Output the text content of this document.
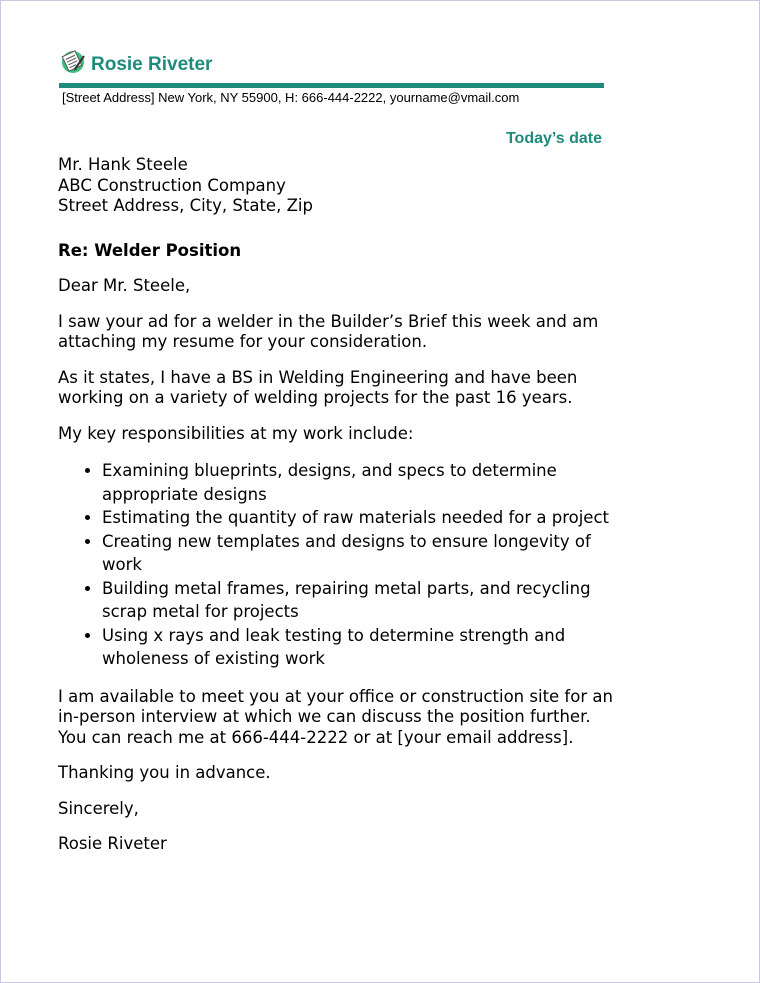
Rosie Riveter
[Street Address] New York, NY 55900, H: 666-444-2222, yourname@vmail.com
Today’s date
Mr. Hank Steele
ABC Construction Company
Street Address, City, State, Zip
Re: Welder Position
Dear Mr. Steele,
I saw your ad for a welder in the Builder’s Brief this week and am attaching my resume for your consideration.
As it states, I have a BS in Welding Engineering and have been working on a variety of welding projects for the past 16 years.
My key responsibilities at my work include:
• Examining blueprints, designs, and specs to determine appropriate designs
• Estimating the quantity of raw materials needed for a project
• Creating new templates and designs to ensure longevity of work
• Building metal frames, repairing metal parts, and recycling scrap metal for projects
• Using x rays and leak testing to determine strength and wholeness of existing work
I am available to meet you at your office or construction site for an in-person interview at which we can discuss the position further. You can reach me at 666-444-2222 or at [your email address].
Thanking you in advance.
Sincerely,
Rosie Riveter
